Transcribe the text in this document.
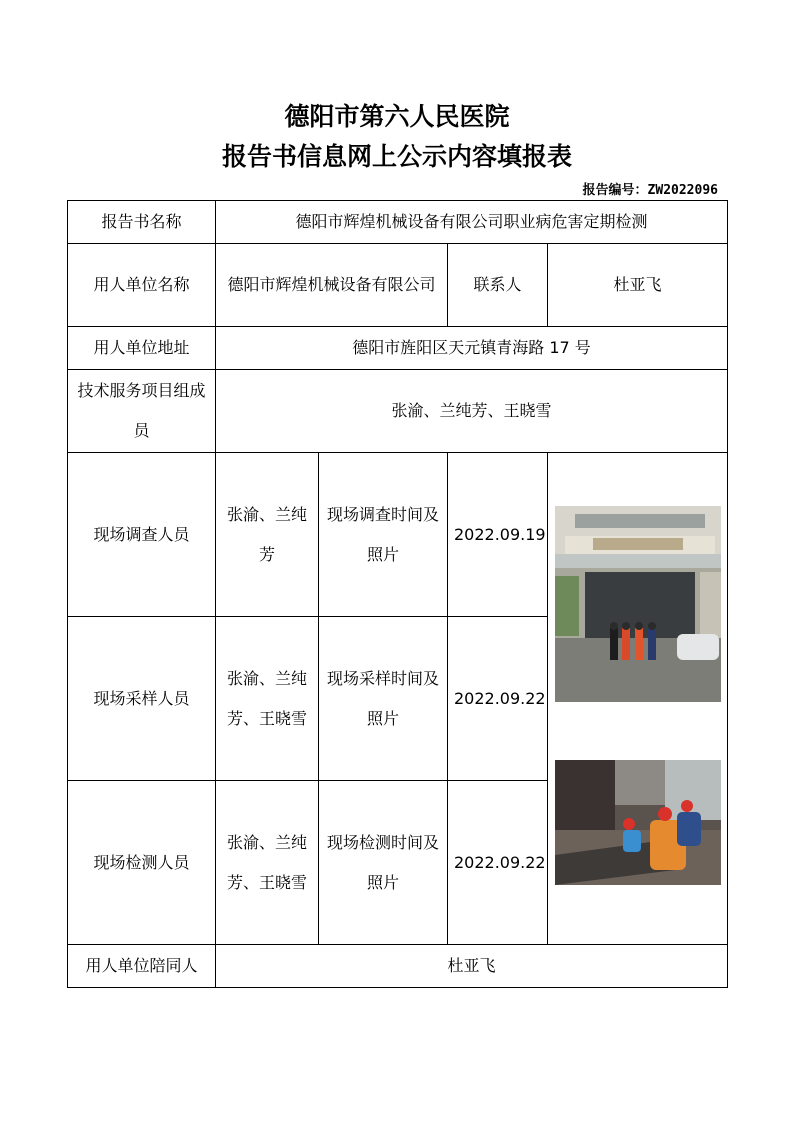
德阳市第六人民医院
报告书信息网上公示内容填报表
报告编号：ZW2022096
报告书名称	德阳市辉煌机械设备有限公司职业病危害定期检测			
用人单位名称	德阳市辉煌机械设备有限公司		联系人	杜亚飞
用人单位地址	德阳市旌阳区天元镇青海路 17 号			
技术服务项目组成员	张渝、兰纯芳、王晓雪			
现场调查人员	张渝、兰纯芳	现场调查时间及照片	2022.09.19	

现场采样人员	张渝、兰纯芳、王晓雪	现场采样时间及照片	2022.09.22	
现场检测人员	张渝、兰纯芳、王晓雪	现场检测时间及照片	2022.09.22	
用人单位陪同人	杜亚飞			
